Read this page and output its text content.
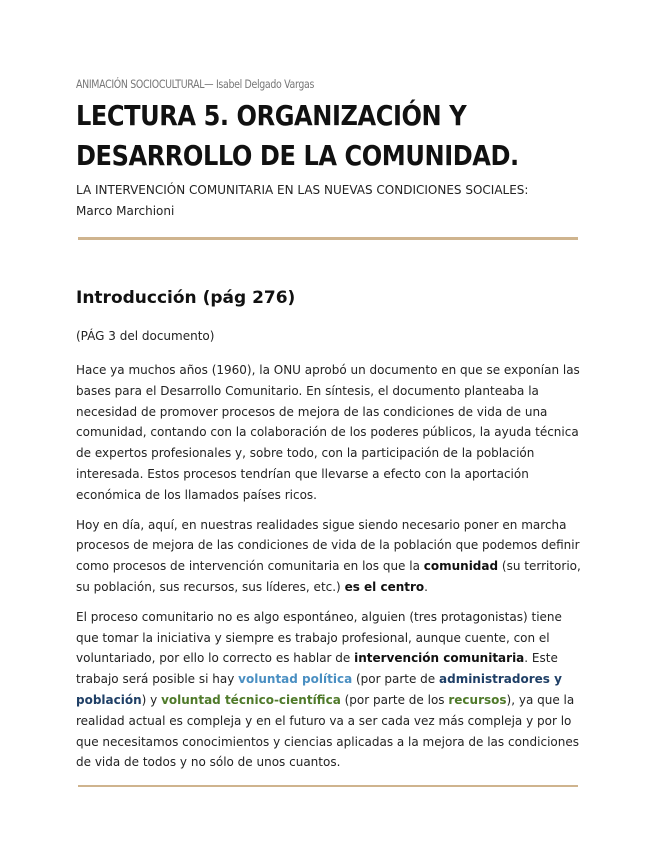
ANIMACIÓN SOCIOCULTURAL— Isabel Delgado Vargas
LECTURA 5. ORGANIZACIÓN Y DESARROLLO DE LA COMUNIDAD.

LA INTERVENCIÓN COMUNITARIA EN LAS NUEVAS CONDICIONES SOCIALES: Marco Marchioni

Introducción (pág 276)

(PÁG 3 del documento)

Hace ya muchos años (1960), la ONU aprobó un documento en que se exponían las bases para el Desarrollo Comunitario. En síntesis, el documento planteaba la necesidad de promover procesos de mejora de las condiciones de vida de una comunidad, contando con la colaboración de los poderes públicos, la ayuda técnica de expertos profesionales y, sobre todo, con la participación de la población interesada. Estos procesos tendrían que llevarse a efecto con la aportación económica de los llamados países ricos.

Hoy en día, aquí, en nuestras realidades sigue siendo necesario poner en marcha procesos de mejora de las condiciones de vida de la población que podemos definir como procesos de intervención comunitaria en los que la comunidad (su territorio, su población, sus recursos, sus líderes, etc.) es el centro.

El proceso comunitario no es algo espontáneo, alguien (tres protagonistas) tiene que tomar la iniciativa y siempre es trabajo profesional, aunque cuente, con el voluntariado, por ello lo correcto es hablar de intervención comunitaria. Este trabajo será posible si hay voluntad política (por parte de administradores y población) y voluntad técnico-científica (por parte de los recursos), ya que la realidad actual es compleja y en el futuro va a ser cada vez más compleja y por lo que necesitamos conocimientos y ciencias aplicadas a la mejora de las condiciones de vida de todos y no sólo de unos cuantos.
